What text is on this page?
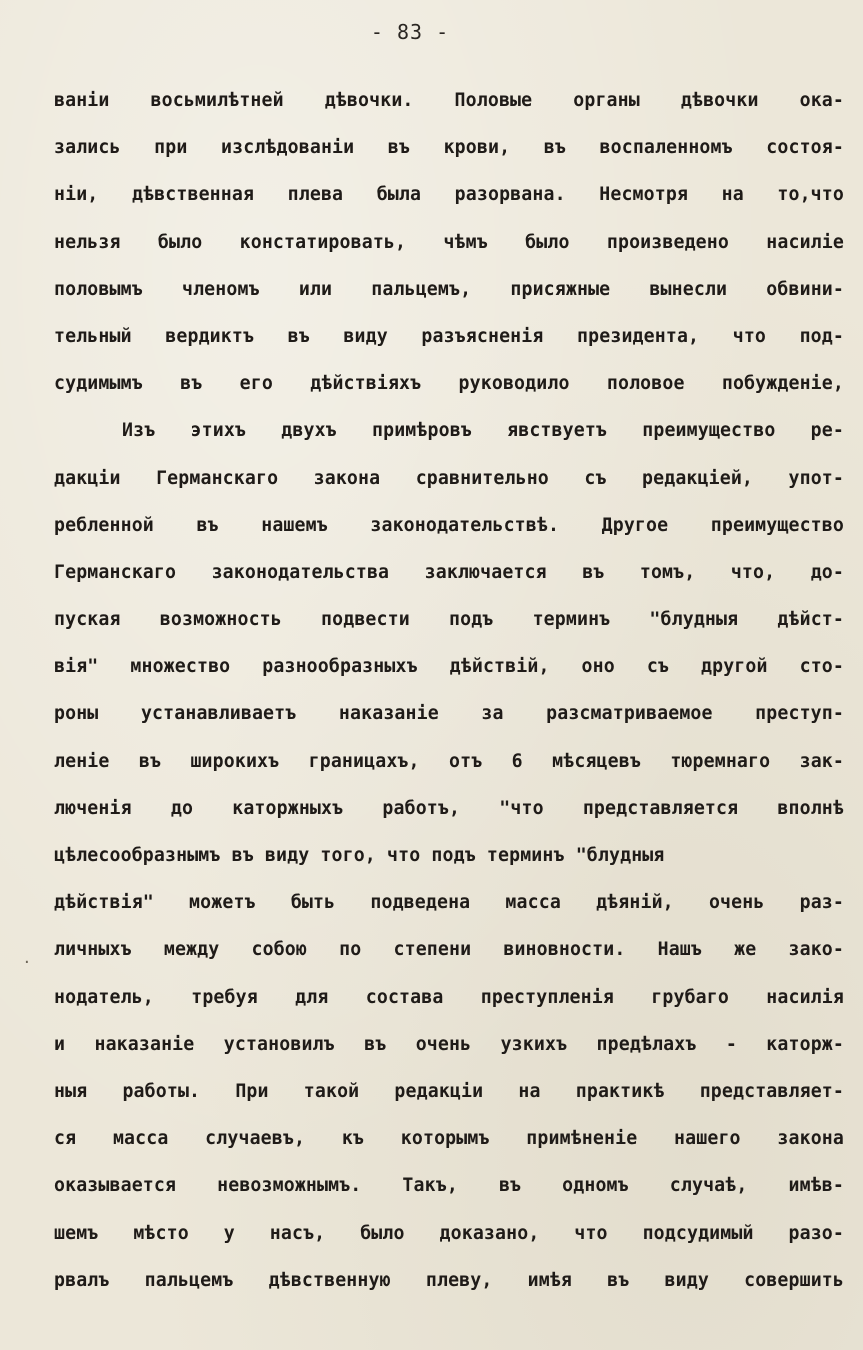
- 83 -
ванiи восьмилѣтней дѣвочки. Половые органы дѣвочки ока-
зались при изслѣдованiи въ крови, въ воспаленномъ состоя-
нiи, дѣвственная плева была разорвана. Несмотря на то,что
нельзя было констатировать, чѣмъ было произведено насилiе
половымъ членомъ или пальцемъ, присяжные вынесли обвини-
тельный вердиктъ въ виду разъясненiя президента, что под-
судимымъ въ его дѣйствiяхъ руководило половое побужденiе,
Изъ этихъ двухъ примѣровъ явствуетъ преимущество ре-
дакцiи Германскаго закона сравнительно съ редакцiей, упот-
ребленной въ нашемъ законодательствѣ. Другое преимущество
Германскаго законодательства заключается въ томъ, что, до-
пуская возможность подвести подъ терминъ "блудныя дѣйст-
вiя" множество разнообразныхъ дѣйствiй, оно съ другой сто-
роны устанавливаетъ наказанiе за разсматриваемое преступ-
ленiе въ широкихъ границахъ, отъ 6 мѣсяцевъ тюремнаго зак-
люченiя до каторжныхъ работъ, "что представляется вполнѣ
цѣлесообразнымъ въ виду того, что подъ терминъ "блудныя
дѣйствiя" можетъ быть подведена масса дѣянiй, очень раз-
личныхъ между собою по степени виновности. Нашъ же зако-
нодатель, требуя для состава преступленiя грубаго насилiя
и наказанiе установилъ въ очень узкихъ предѣлахъ - катoрж-
ныя работы. При такой редакцiи на практикѣ представляет-
ся масса случаевъ, къ которымъ примѣненiе нашего закона
оказывается невозможнымъ. Такъ, въ одномъ случаѣ, имѣв-
шемъ мѣсто у насъ, было доказано, что подсудимый разо-
рвалъ пальцемъ дѣвственную плеву, имѣя въ виду совершить
·
